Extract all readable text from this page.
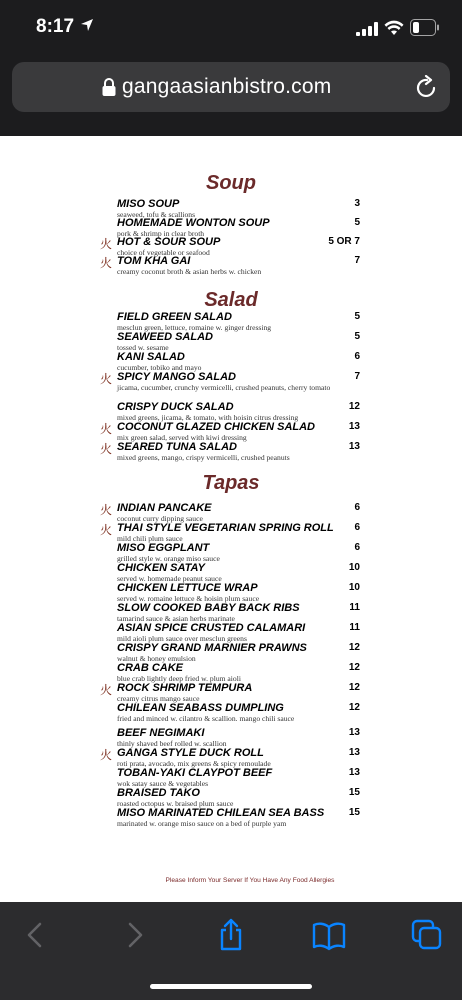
8:17
gangaasianbistro.com
Soup
MISO SOUP	3
seaweed, tofu & scallions
HOMEMADE WONTON SOUP	5
pork & shrimp in clear broth
火 HOT & SOUR SOUP	5 OR 7
choice of vegetable or seafood
火 TOM KHA GAI	7
creamy coconut broth & asian herbs w. chicken
Salad
FIELD GREEN SALAD	5
mesclun green, lettuce, romaine w. ginger dressing
SEAWEED SALAD	5
tossed w. sesame
KANI SALAD	6
cucumber, tobiko and mayo
火 SPICY MANGO SALAD	7
jicama, cucumber, crunchy vermicelli, crushed peanuts, cherry tomato
CRISPY DUCK SALAD	12
mixed greens, jicama, & tomato, with hoisin citrus dressing
火 COCONUT GLAZED CHICKEN SALAD	13
mix green salad, served with kiwi dressing
火 SEARED TUNA SALAD	13
mixed greens, mango, crispy vermicelli, crushed peanuts
Tapas
火 INDIAN PANCAKE	6
coconut curry dipping sauce
火 THAI STYLE VEGETARIAN SPRING ROLL 6
mild chili plum sauce
MISO EGGPLANT	6
grilled style w. orange miso sauce
CHICKEN SATAY	10
served w. homemade peanut sauce
CHICKEN LETTUCE WRAP	10
served w. romaine lettuce & hoisin plum sauce
SLOW COOKED BABY BACK RIBS	11
tamarind sauce & asian herbs marinate
ASIAN SPICE CRUSTED CALAMARI	11
mild aioli plum sauce over mesclun greens
CRISPY GRAND MARNIER PRAWNS	12
walnut & honey emulsion
CRAB CAKE	12
blue crab lightly deep fried w. plum aioli
火 ROCK SHRIMP TEMPURA	12
creamy citrus mango sauce
CHILEAN SEABASS DUMPLING	12
fried and minced w. cilantro & scallion. mango chili sauce
BEEF NEGIMAKI	13
thinly shaved beef rolled w. scallion
火 GANGA STYLE DUCK ROLL	13
roti prata, avocado, mix greens & spicy remoulade
TOBAN-YAKI CLAYPOT BEEF	13
wok satay sauce & vegetables
BRAISED TAKO	15
roasted octopus w. braised plum sauce
MISO MARINATED CHILEAN SEA BASS 15
marinated w. orange miso sauce on a bed of purple yam
Please Inform Your Server If You Have Any Food Allergies
